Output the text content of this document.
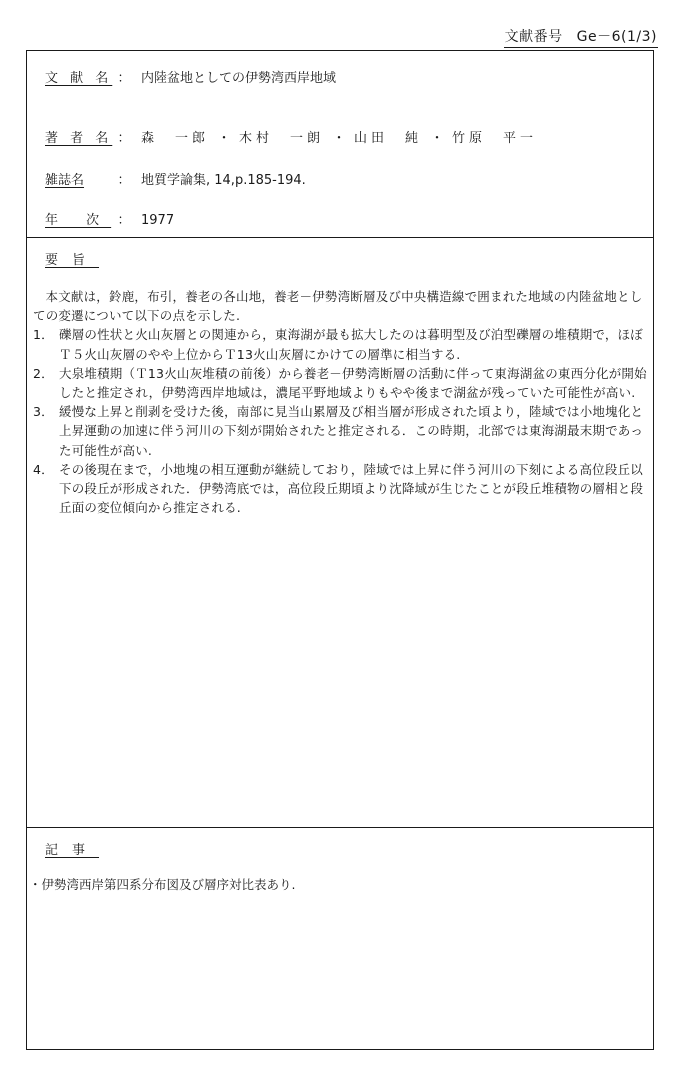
文献番号 Ge－6(1/3)
文 献 名 ： 内陸盆地としての伊勢湾西岸地域
著 者 名 ： 森　一郎 ・ 木村　一朗 ・ 山田　純 ・ 竹原　平一
雑誌名	： 地質学論集, 14,p.185-194.
年 次 ： 1977
要旨

本文献は，鈴鹿，布引，養老の各山地，養老－伊勢湾断層及び中央構造線で囲まれた地域の内陸盆地としての変遷について以下の点を示した.

1． 礫層の性状と火山灰層との関連から，東海湖が最も拡大したのは暮明型及び泊型礫層の堆積期で，ほぼＴ５火山灰層のやや上位からＴ13火山灰層にかけての層準に相当する.
2． 大泉堆積期（Ｔ13火山灰堆積の前後）から養老－伊勢湾断層の活動に伴って東海湖盆の東西分化が開始したと推定され，伊勢湾西岸地域は，濃尾平野地域よりもやや後まで湖盆が残っていた可能性が高い.
3． 緩慢な上昇と削剥を受けた後，南部に見当山累層及び相当層が形成された頃より，陸域では小地塊化と上昇運動の加速に伴う河川の下刻が開始されたと推定される．この時期，北部では東海湖最末期であった可能性が高い.
4． その後現在まで，小地塊の相互運動が継続しており，陸域では上昇に伴う河川の下刻による高位段丘以下の段丘が形成された．伊勢湾底では，高位段丘期頃より沈降域が生じたことが段丘堆積物の層相と段丘面の変位傾向から推定される.
記事
・伊勢湾西岸第四系分布図及び層序対比表あり.
